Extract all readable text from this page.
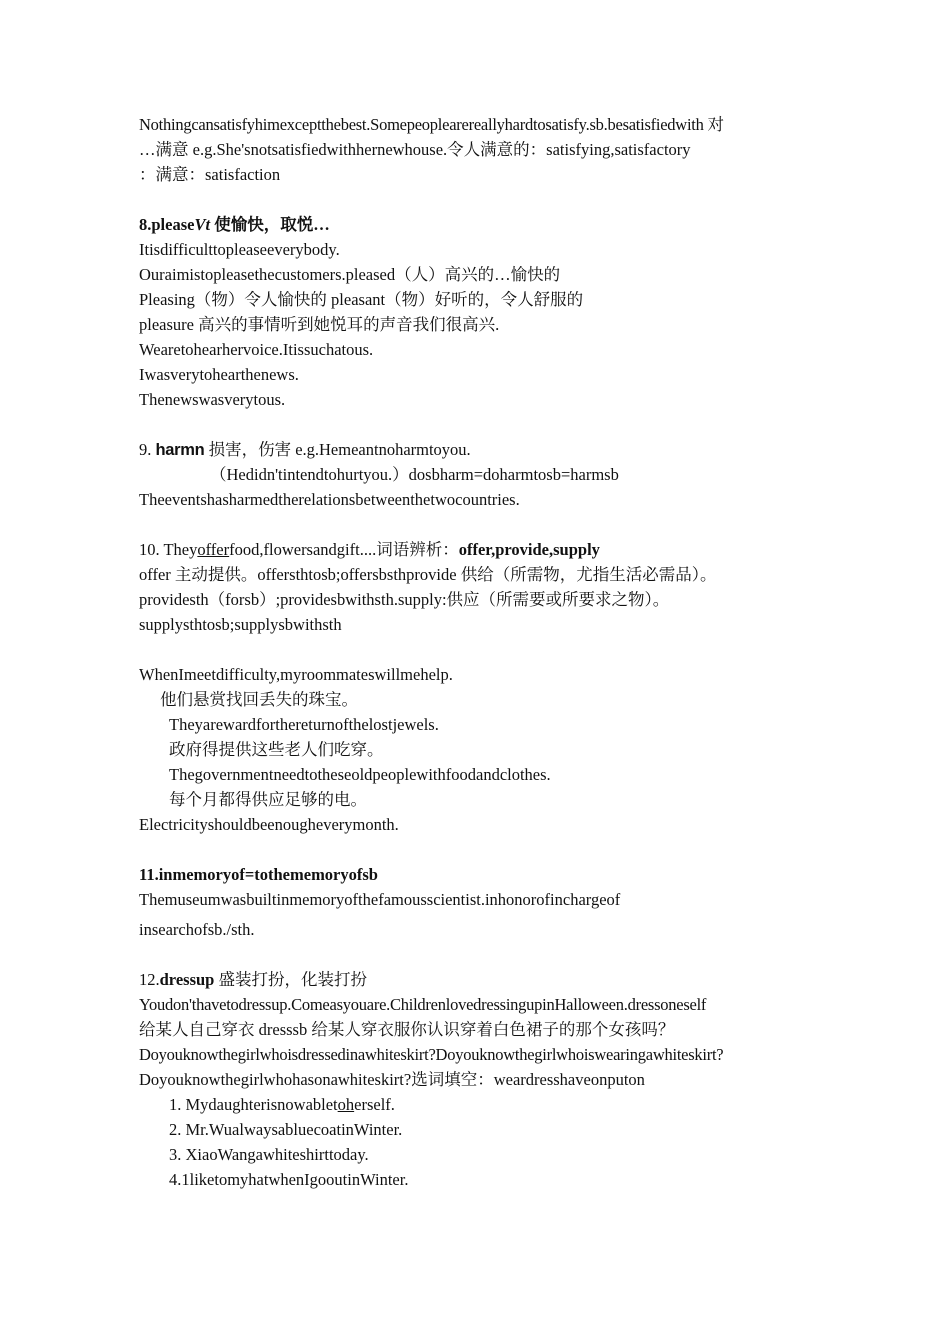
Nothingcansatisfyhimexceptthebest.Somepeoplearereallyhardtosatisfy.sb.besatisfiedwith 对
…满意 e.g.She'snotsatisfiedwithhernewhouse.令人满意的：satisfying,satisfactory
：满意：satisfaction
8.pleaseVt 使愉快，取悦…
Itisdifficulttopleaseeverybody.
Ouraimistopleasethecustomers.pleased（人）高兴的…愉快的
Pleasing（物）令人愉快的 pleasant（物）好听的，令人舒服的
pleasure 高兴的事情听到她悦耳的声音我们很高兴.
Wearetohearhervoice.Itissuchatous.
Iwasverytohearthenews.
Thenewswasverytous.
9. harmn 损害，伤害 e.g.Hemeantnoharmtoyou.
（Hedidn'tintendtohurtyou.）dosbharm=doharmtosb=harmsb
Theeventshasharmedtherelationsbetweenthetwocountries.
10. Theyofferfood,flowersandgift....词语辨析：offer,provide,supply
offer 主动提供。offersthtosb;offersbsthprovide 供给（所需物，尤指生活必需品）。
providesth（forsb）;providesbwithsth.supply:供应（所需要或所要求之物）。
supplysthtosb;supplysbwithsth
WhenImeetdifficulty,myroommateswillmehelp.
他们悬赏找回丢失的珠宝。
Theyarewardforthereturnofthelostjewels.
政府得提供这些老人们吃穿。
Thegovernmentneedtotheseoldpeoplewithfoodandclothes.
每个月都得供应足够的电。
Electricityshouldbeenougheverymonth.
11.inmemoryof=tothememoryofsb
Themuseumwasbuiltinmemoryofthefamousscientist.inhonorofinchargeof
insearchofsb./sth.
12.dressup 盛装打扮，化装打扮
Youdon'thavetodressup.Comeasyouare.ChildrenlovedressingupinHalloween.dressoneself
给某人自己穿衣 dresssb 给某人穿衣服你认识穿着白色裙子的那个女孩吗？
Doyouknowthegirlwhoisdressedinawhiteskirt?Doyouknowthegirlwhoiswearingawhiteskirt?
Doyouknowthegirlwhohasonawhiteskirt?选词填空：weardresshaveonputon
1. Mydaughterisnowabletoherself.
2. Mr.WualwaysabluecoatinWinter.
3. XiaoWangawhiteshirttoday.
4.1liketomyhatwhenIgooutinWinter.
